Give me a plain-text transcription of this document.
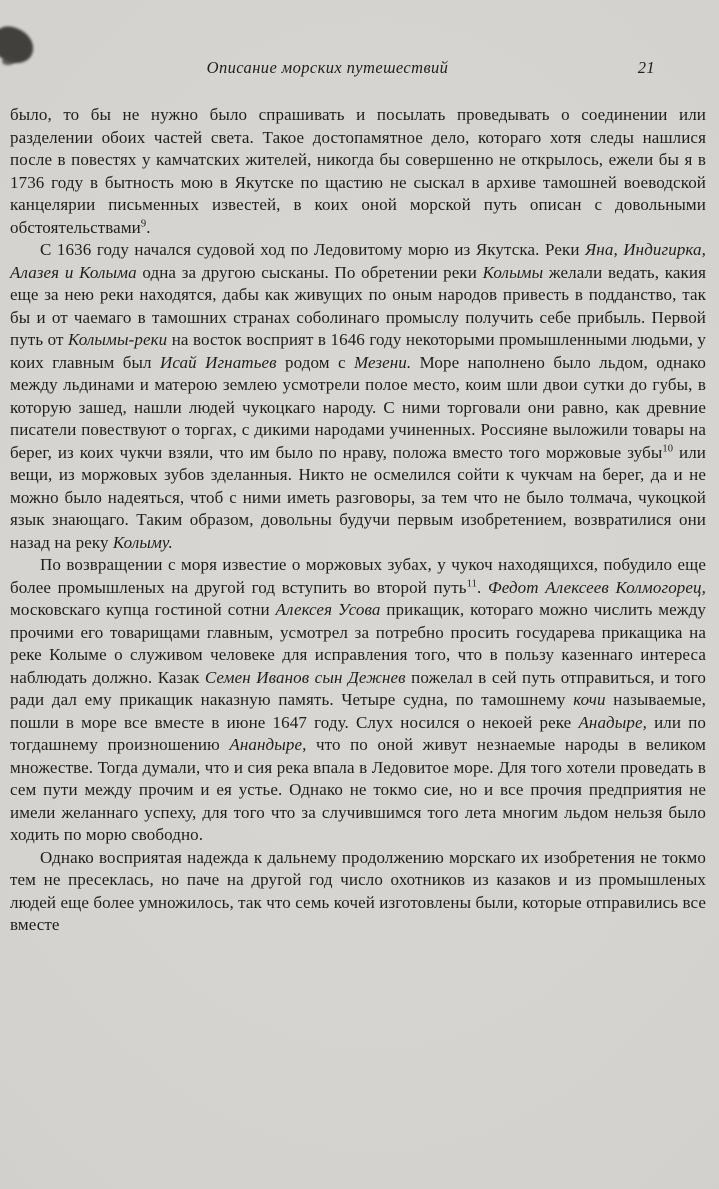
Описание морских путешествий	21

было, то бы не нужно было спрашивать и посылать проведывать о соединении или разделении обоих частей света. Такое достопамятное дело, котораго хотя следы нашлися после в повестях у камчатских жителей, никогда бы совершенно не открылось, ежели бы я в 1736 году в бытность мою в Якутске по щастию не сыскал в архиве тамошней воеводской канцелярии письменных известей, в коих оной морской путь описан с довольными обстоятельствами$^9$.

С 1636 году начался судовой ход по Ледовитому морю из Якутска. Реки Яна, Индигирка, Алазея и Колыма одна за другою сысканы. По обретении реки Колымы желали ведать, какия еще за нею реки находятся, дабы как живущих по оным народов привесть в подданство, так бы и от чаемаго в тамошних странах соболинаго промыслу получить себе прибыль. Первой путь от Колымы-реки на восток восприят в 1646 году некоторыми промышленными людьми, у коих главным был Исай Игнатьев родом с Мезени. Море наполнено было льдом, однако между льдинами и матерою землею усмотрели полое место, коим шли двои сутки до губы, в которую зашед, нашли людей чукоцкаго народу. С ними торговали они равно, как древние писатели повествуют о торгах, с дикими народами учиненных. Россияне выложили товары на берег, из коих чукчи взяли, что им было по нраву, положа вместо того моржовые зубы$^{10}$ или вещи, из моржовых зубов зделанныя. Никто не осмелился сойти к чукчам на берег, да и не можно было надеяться, чтоб с ними иметь разговоры, за тем что не было толмача, чукоцкой язык знающаго. Таким образом, довольны будучи первым изобретением, возвратилися они назад на реку Колыму.

По возвращении с моря известие о моржовых зубах, у чукоч находящихся, побудило еще более промышленых на другой год вступить во второй путь$^{11}$. Федот Алексеев Колмогорец, московскаго купца гостиной сотни Алексея Усова прикащик, котораго можно числить между прочими его товарищами главным, усмотрел за потребно просить государева прикащика на реке Колыме о служивом человеке для исправления того, что в пользу казеннаго интереса наблюдать должно. Казак Семен Иванов сын Дежнев пожелал в сей путь отправиться, и того ради дал ему прикащик наказную память. Четыре судна, по тамошнему кочи называемые, пошли в море все вместе в июне 1647 году. Слух носился о некоей реке Анадыре, или по тогдашнему произношению Анандыре, что по оной живут незнаемые народы в великом множестве. Тогда думали, что и сия река впала в Ледовитое море. Для того хотели проведать в сем пути между прочим и ея устье. Однако не токмо сие, но и все прочия предприятия не имели желаннаго успеху, для того что за случившимся того лета многим льдом нельзя было ходить по морю свободно.

Однако восприятая надежда к дальнему продолжению морскаго их изобретения не токмо тем не пресеклась, но паче на другой год число охотников из казаков и из промышленых людей еще более умножилось, так что семь кочей изготовлены были, которые отправились все вместе
